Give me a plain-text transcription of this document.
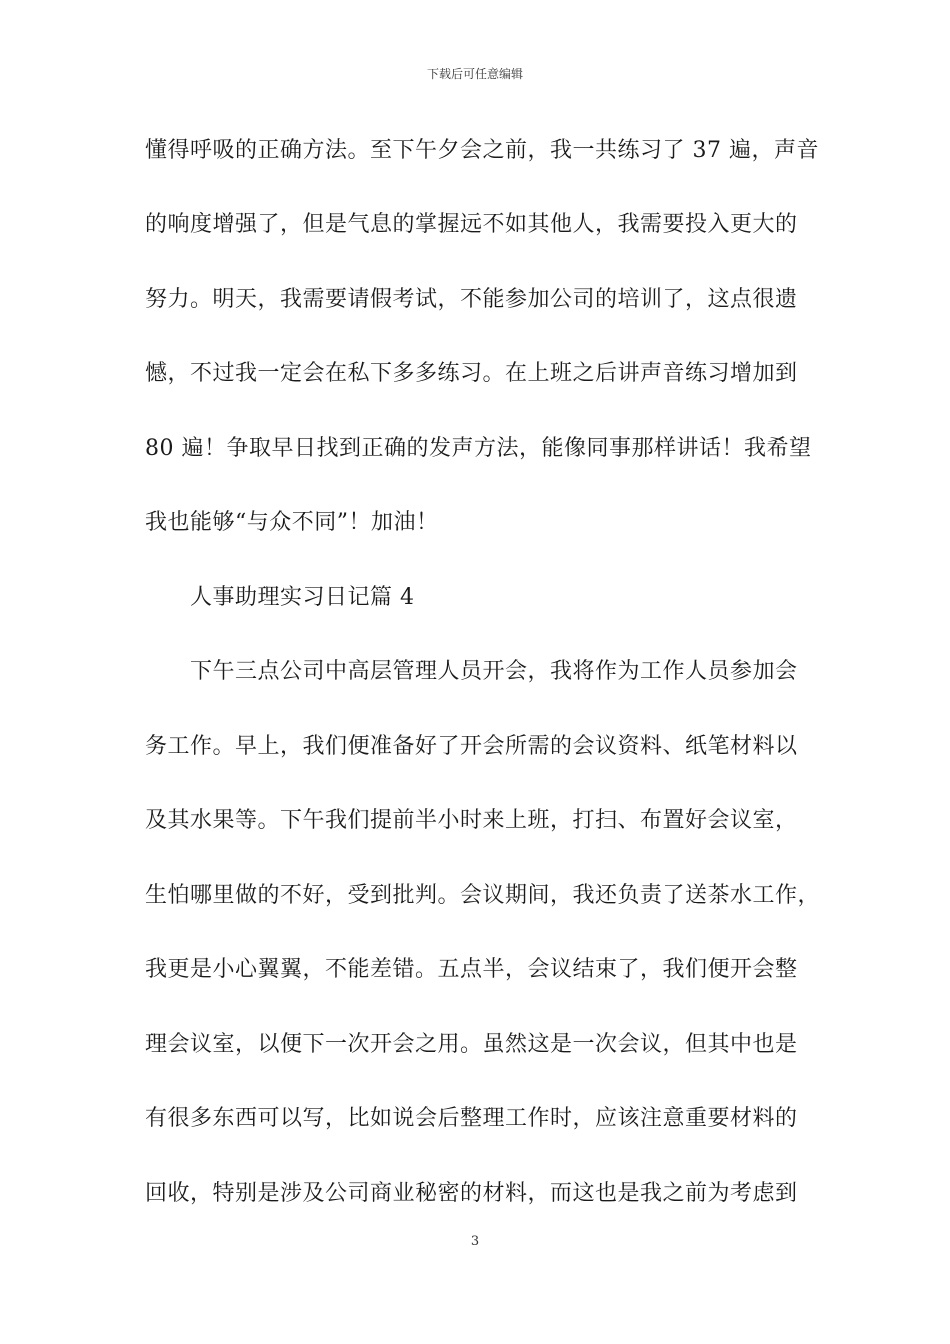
下载后可任意编辑
懂得呼吸的正确方法。至下午夕会之前，我一共练习了 37 遍，声音
的响度增强了，但是气息的掌握远不如其他人，我需要投入更大的
努力。明天，我需要请假考试，不能参加公司的培训了，这点很遗
憾，不过我一定会在私下多多练习。在上班之后讲声音练习增加到
80 遍！争取早日找到正确的发声方法，能像同事那样讲话！我希望
我也能够“与众不同”！加油！
人事助理实习日记篇 4
下午三点公司中高层管理人员开会，我将作为工作人员参加会
务工作。早上，我们便准备好了开会所需的会议资料、纸笔材料以
及其水果等。下午我们提前半小时来上班，打扫、布置好会议室，
生怕哪里做的不好，受到批判。会议期间，我还负责了送茶水工作，
我更是小心翼翼，不能差错。五点半，会议结束了，我们便开会整
理会议室，以便下一次开会之用。虽然这是一次会议，但其中也是
有很多东西可以写，比如说会后整理工作时，应该注意重要材料的
回收，特别是涉及公司商业秘密的材料，而这也是我之前为考虑到
3
